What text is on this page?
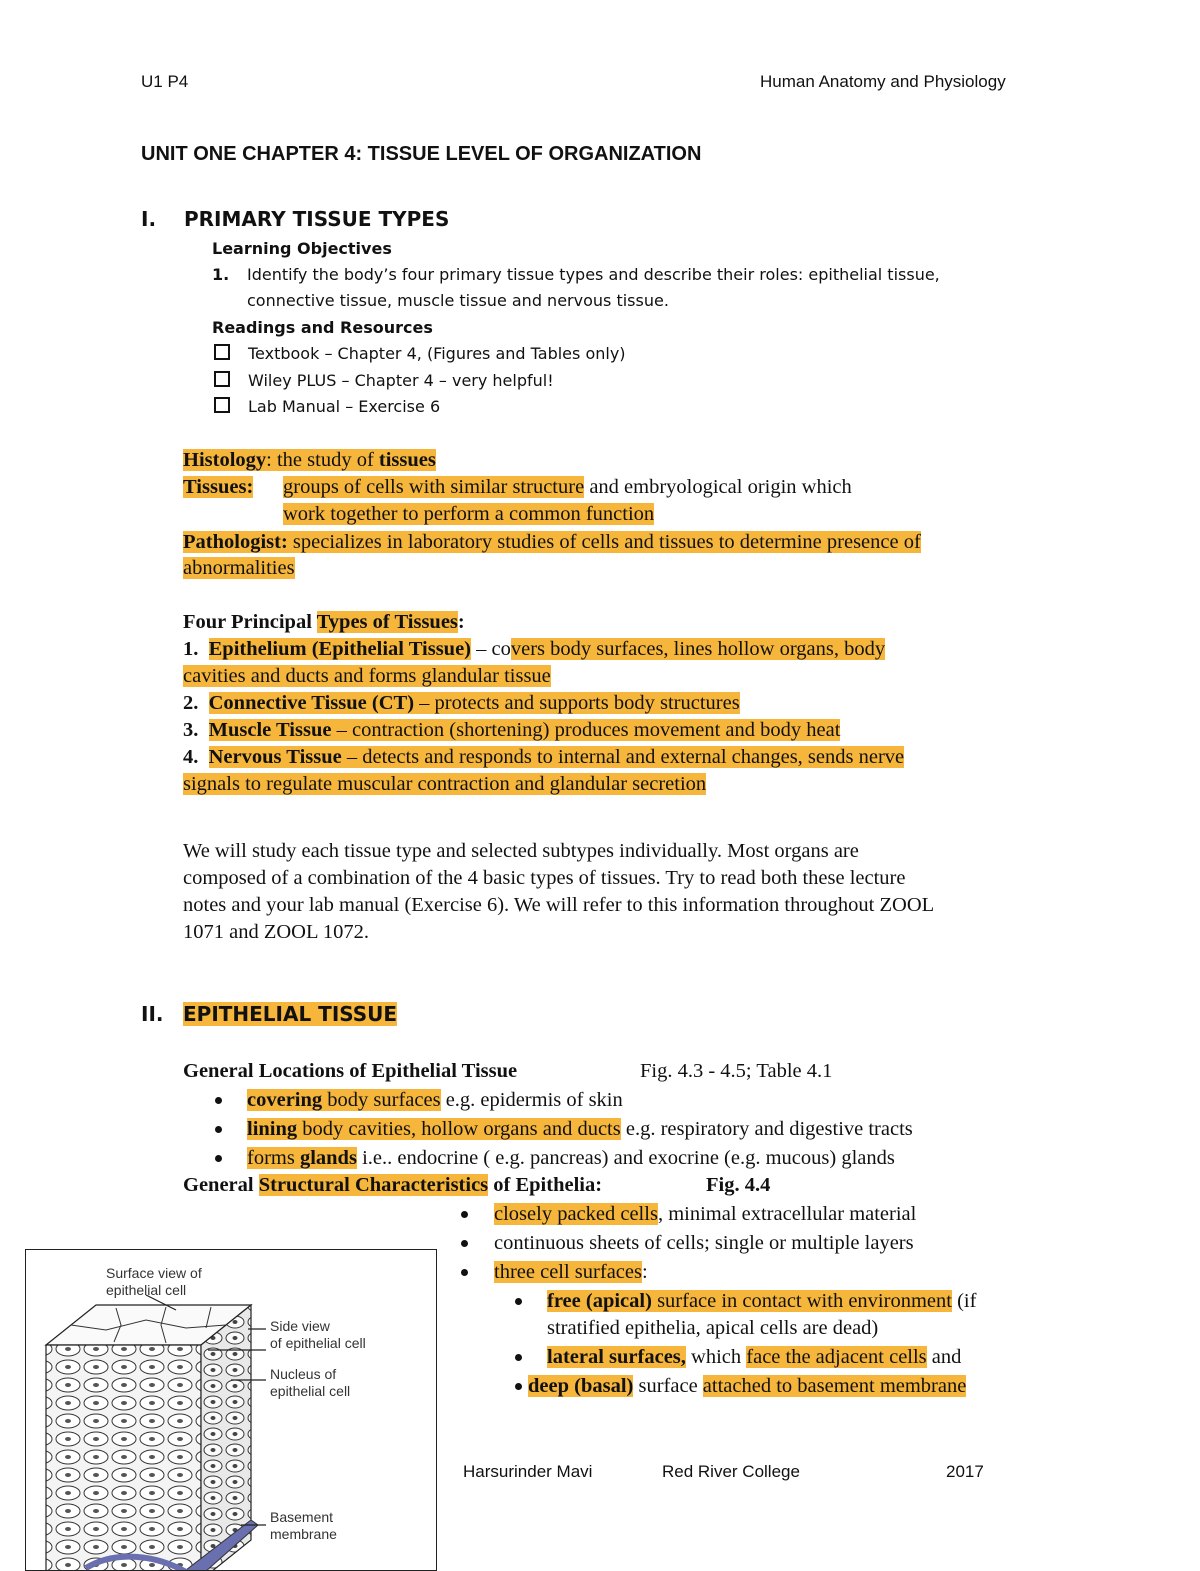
U1 P4	Human Anatomy and Physiology
UNIT ONE CHAPTER 4: TISSUE LEVEL OF ORGANIZATION
I. PRIMARY TISSUE TYPES
Learning Objectives
1. Identify the body’s four primary tissue types and describe their roles: epithelial tissue,
connective tissue, muscle tissue and nervous tissue.
Readings and Resources
Textbook – Chapter 4, (Figures and Tables only)
Wiley PLUS – Chapter 4 – very helpful!
Lab Manual – Exercise 6
Histology: the study of tissues
Tissues: groups of cells with similar structure and embryological origin which
work together to perform a common function
Pathologist: specializes in laboratory studies of cells and tissues to determine presence of
abnormalities
Four Principal Types of Tissues:
1. Epithelium (Epithelial Tissue) – covers body surfaces, lines hollow organs, body
cavities and ducts and forms glandular tissue
2. Connective Tissue (CT) – protects and supports body structures
3. Muscle Tissue – contraction (shortening) produces movement and body heat
4. Nervous Tissue – detects and responds to internal and external changes, sends nerve
signals to regulate muscular contraction and glandular secretion
We will study each tissue type and selected subtypes individually. Most organs are
composed of a combination of the 4 basic types of tissues. Try to read both these lecture
notes and your lab manual (Exercise 6). We will refer to this information throughout ZOOL
1071 and ZOOL 1072.
II. EPITHELIAL TISSUE
General Locations of Epithelial Tissue	Fig. 4.3 - 4.5; Table 4.1
covering body surfaces e.g. epidermis of skin
lining body cavities, hollow organs and ducts e.g. respiratory and digestive tracts
forms glands i.e.. endocrine ( e.g. pancreas) and exocrine (e.g. mucous) glands
General Structural Characteristics of Epithelia:	Fig. 4.4
closely packed cells, minimal extracellular material
continuous sheets of cells; single or multiple layers
three cell surfaces:
free (apical) surface in contact with environment (if
stratified epithelia, apical cells are dead)
lateral surfaces, which face the adjacent cells and
deep (basal) surface attached to basement membrane
Surface view of
epithelial cell
Side view
of epithelial cell
Nucleus of
epithelial cell
Basement
membrane
Harsurinder Mavi	Red River College	2017
